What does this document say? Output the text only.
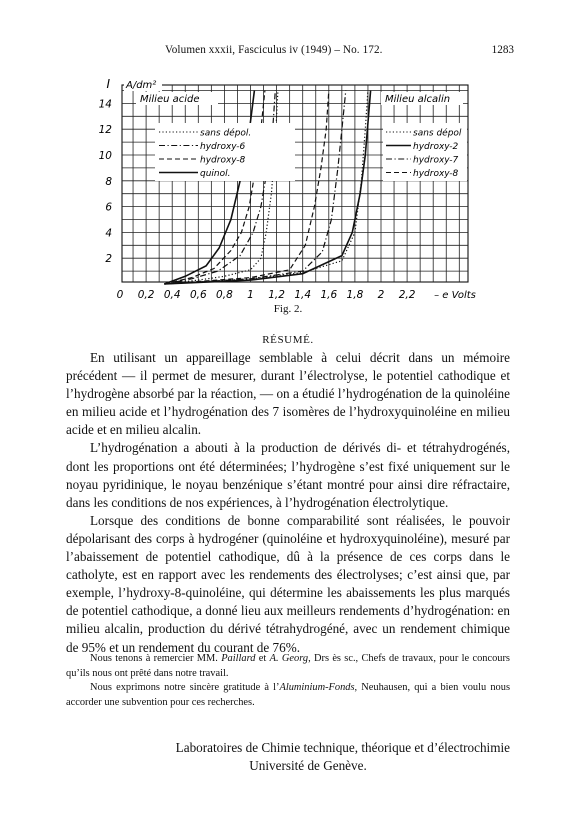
Volumen xxxii, Fasciculus iv (1949) – No. 172.	1283
0 0,2 0,4 0,6 0,8 1 1,2 1,4 1,6 1,8 2 2,2 – e Volts
2
4
6
8
10
12
14
I A/dm²
Milieu acide
sans dépol.
hydroxy-6
hydroxy-8
quinol.
Milieu alcalin
sans dépol
hydroxy-2
hydroxy-7
hydroxy-8
Fig. 2.
RÉSUMÉ.

En utilisant un appareillage semblable à celui décrit dans un mémoire précédent — il permet de mesurer, durant l’électrolyse, le potentiel cathodique et l’hydrogène absorbé par la réaction, — on a étudié l’hydrogénation de la quinoléine en milieu acide et l’hydrogénation des 7 isomères de l’hydroxyquinoléine en milieu acide et en milieu alcalin.

L’hydrogénation a abouti à la production de dérivés di- et tétrahydrogénés, dont les proportions ont été déterminées; l’hydrogène s’est fixé uniquement sur le noyau pyridinique, le noyau benzénique s’étant montré pour ainsi dire réfractaire, dans les conditions de nos expériences, à l’hydrogénation électrolytique.

Lorsque des conditions de bonne comparabilité sont réalisées, le pouvoir dépolarisant des corps à hydrogéner (quinoléine et hydroxyquinoléine), mesuré par l’abaissement de potentiel cathodique, dû à la présence de ces corps dans le catholyte, est en rapport avec les rendements des électrolyses; c’est ainsi que, par exemple, l’hydroxy-8-quinoléine, qui détermine les abaissements les plus marqués de potentiel cathodique, a donné lieu aux meilleurs rendements d’hydrogénation: en milieu alcalin, production du dérivé tétrahydrogéné, avec un rendement chimique de 95% et un rendement du courant de 76%.

Nous tenons à remercier MM. Paillard et A. Georg, Drs ès sc., Chefs de travaux, pour le concours qu’ils nous ont prêté dans notre travail.

Nous exprimons notre sincère gratitude à l’Aluminium-Fonds, Neuhausen, qui a bien voulu nous accorder une subvention pour ces recherches.

Laboratoires de Chimie technique, théorique et d’électrochimie
Université de Genève.
